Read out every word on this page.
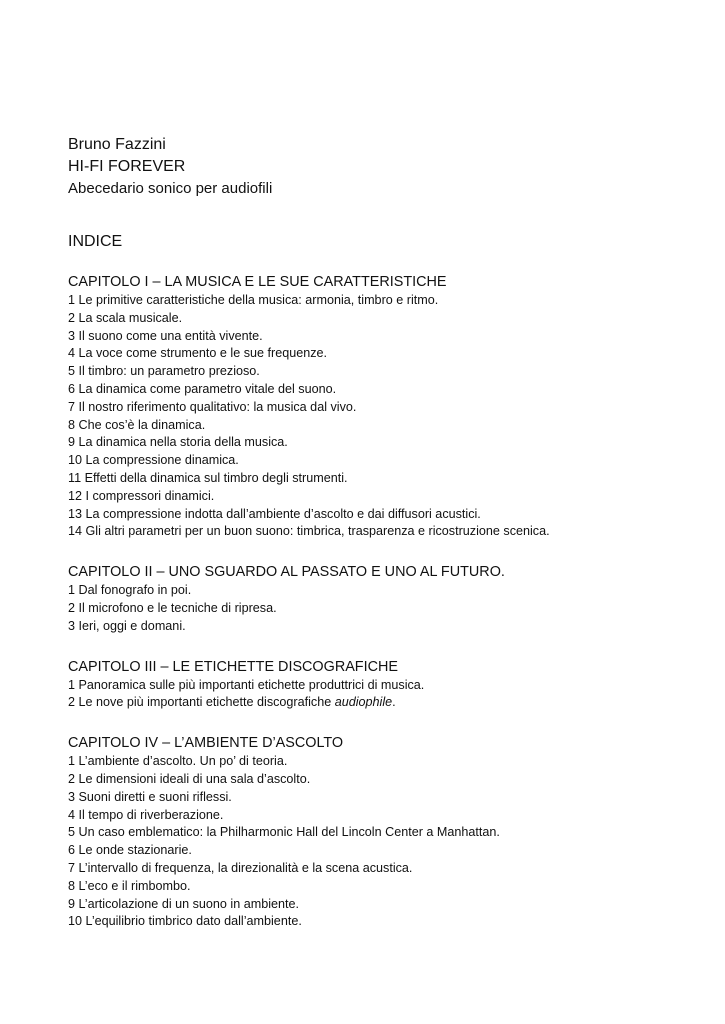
Bruno Fazzini

HI-FI FOREVER

Abecedario sonico per audiofili

INDICE
CAPITOLO I – LA MUSICA E LE SUE CARATTERISTICHE
1 Le primitive caratteristiche della musica: armonia, timbro e ritmo.
2 La scala musicale.
3 Il suono come una entità vivente.
4 La voce come strumento e le sue frequenze.
5 Il timbro: un parametro prezioso.
6 La dinamica come parametro vitale del suono.
7 Il nostro riferimento qualitativo: la musica dal vivo.
8 Che cos’è la dinamica.
9 La dinamica nella storia della musica.
10 La compressione dinamica.
11 Effetti della dinamica sul timbro degli strumenti.
12 I compressori dinamici.
13 La compressione indotta dall’ambiente d’ascolto e dai diffusori acustici.
14 Gli altri parametri per un buon suono: timbrica, trasparenza e ricostruzione scenica.
CAPITOLO II – UNO SGUARDO AL PASSATO E UNO AL FUTURO.
1 Dal fonografo in poi.
2 Il microfono e le tecniche di ripresa.
3 Ieri, oggi e domani.
CAPITOLO III – LE ETICHETTE DISCOGRAFICHE
1 Panoramica sulle più importanti etichette produttrici di musica.
2 Le nove più importanti etichette discografiche audiophile.
CAPITOLO IV – L’AMBIENTE D’ASCOLTO
1 L’ambiente d’ascolto. Un po’ di teoria.
2 Le dimensioni ideali di una sala d’ascolto.
3 Suoni diretti e suoni riflessi.
4 Il tempo di riverberazione.
5 Un caso emblematico: la Philharmonic Hall del Lincoln Center a Manhattan.
6 Le onde stazionarie.
7 L’intervallo di frequenza, la direzionalità e la scena acustica.
8 L’eco e il rimbombo.
9 L’articolazione di un suono in ambiente.
10 L’equilibrio timbrico dato dall’ambiente.
